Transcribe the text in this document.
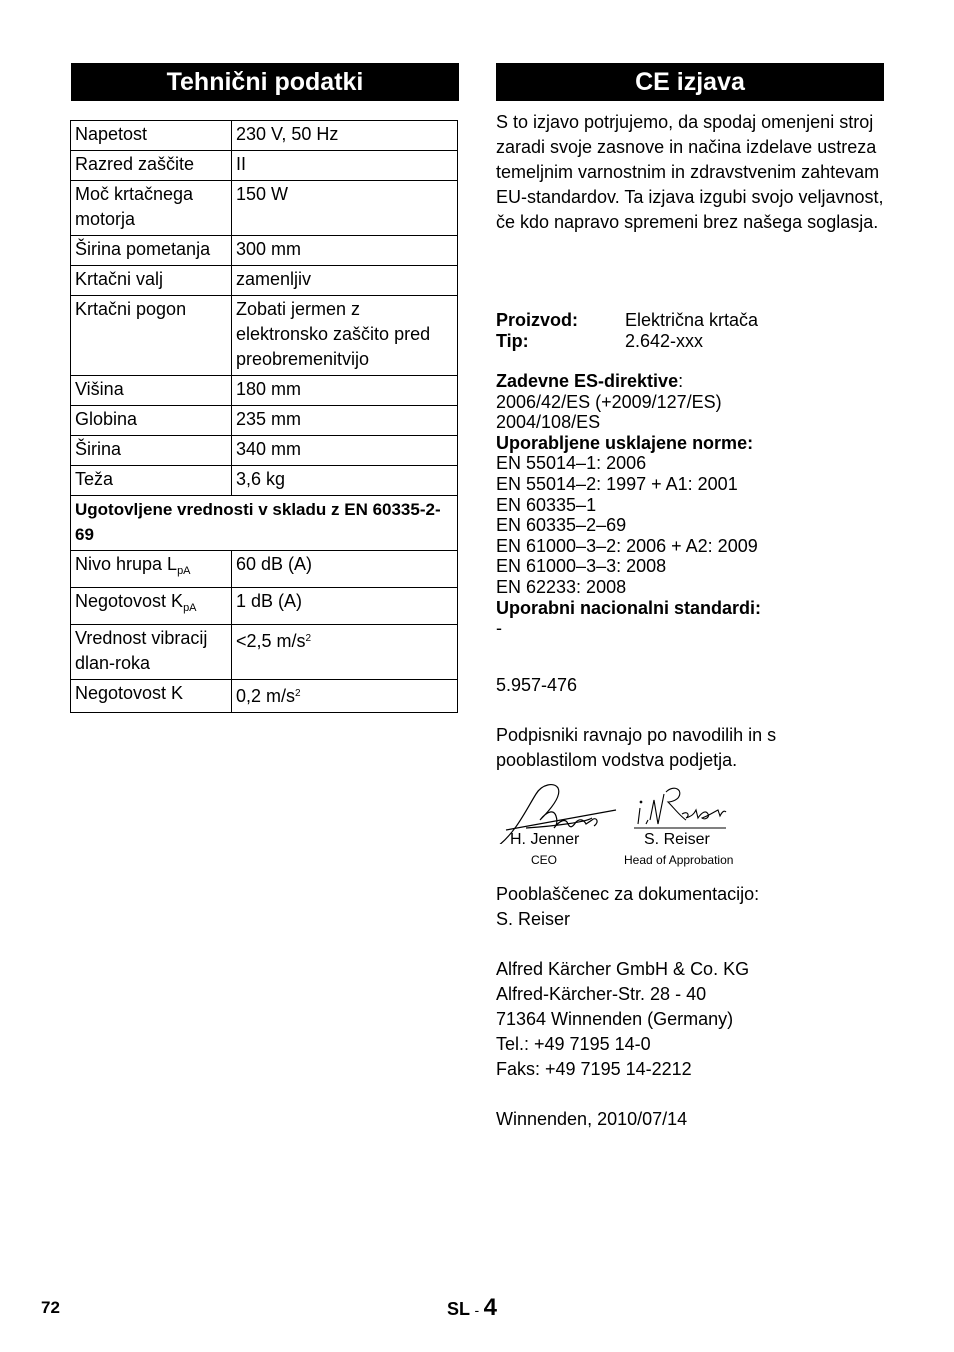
Tehnični podatki	CE izjava
Napetost	230 V, 50 Hz
Razred zaščite	II
Moč krtačnega motorja	150 W
Širina pometanja	300 mm
Krtačni valj	zamenljiv
Krtačni pogon	Zobati jermen z elektronsko zaščito pred preobremenitvijo
Višina	180 mm
Globina	235 mm
Širina	340 mm
Teža	3,6 kg
Ugotovljene vrednosti v skladu z EN 60335-2-69	
Nivo hrupa $L_{pA}$	60 dB (A)
Negotovost $K_{pA}$	1 dB (A)
Vrednost vibracij dlan-roka	<2,5 $m/s^2$
Negotovost K	0,2 $m/s^2$
S to izjavo potrjujemo, da spodaj omenjeni stroj zaradi svoje zasnove in načina izdelave ustreza temeljnim varnostnim in zdravstvenim zahtevam EU-standardov. Ta izjava izgubi svojo veljavnost, če kdo napravo spremeni brez našega soglasja.
Proizvod:	Električna krtača
Tip:	2.642-xxx
Zadevne ES-direktive:
2006/42/ES (+2009/127/ES)
2004/108/ES
Uporabljene usklajene norme:
EN 55014–1: 2006
EN 55014–2: 1997 + A1: 2001
EN 60335–1
EN 60335–2–69
EN 61000–3–2: 2006 + A2: 2009
EN 61000–3–3: 2008
EN 62233: 2008
Uporabni nacionalni standardi:
-
5.957-476
Podpisniki ravnajo po navodilih in s pooblastilom vodstva podjetja.
H. Jenner
CEO
S. Reiser
Head of Approbation
Pooblaščenec za dokumentacijo:
S. Reiser
Alfred Kärcher GmbH & Co. KG
Alfred-Kärcher-Str. 28 - 40
71364 Winnenden (Germany)
Tel.: +49 7195 14-0
Faks: +49 7195 14-2212
Winnenden, 2010/07/14
72	SL - 4
